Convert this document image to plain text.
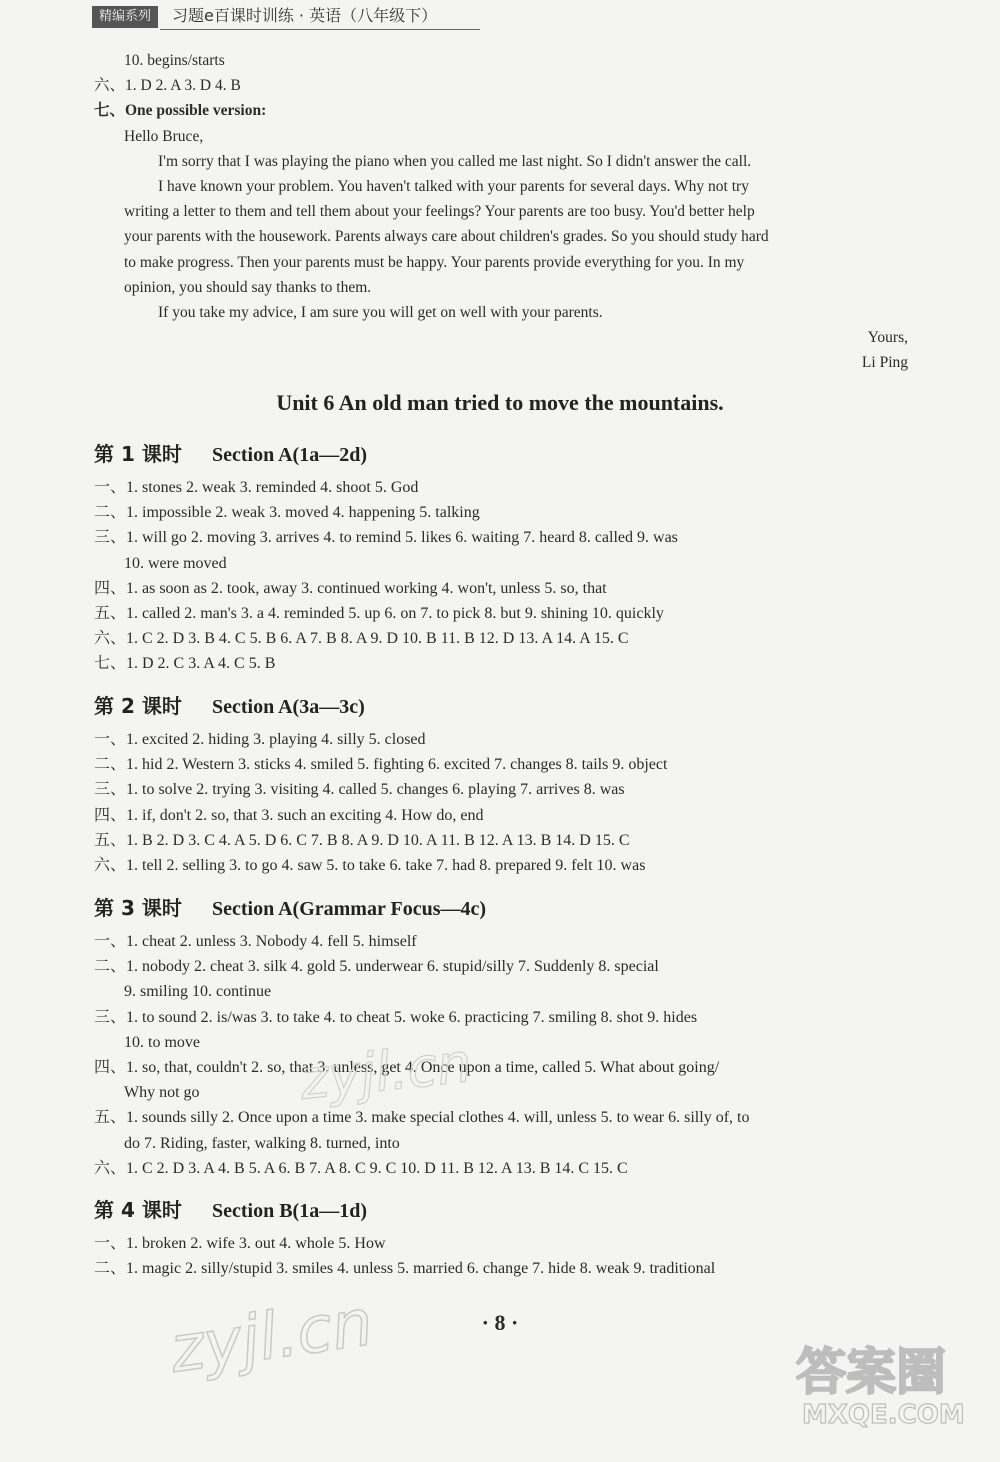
精编系列	习题e百课时训练 · 英语（八年级下）
10. begins/starts
六、1. D 2. A 3. D 4. B
七、One possible version:
Hello Bruce,
I'm sorry that I was playing the piano when you called me last night. So I didn't answer the call.
I have known your problem. You haven't talked with your parents for several days. Why not try
writing a letter to them and tell them about your feelings? Your parents are too busy. You'd better help
your parents with the housework. Parents always care about children's grades. So you should study hard
to make progress. Then your parents must be happy. Your parents provide everything for you. In my
opinion, you should say thanks to them.
If you take my advice, I am sure you will get on well with your parents.
Yours,
Li Ping
Unit 6 An old man tried to move the mountains.
第 1 课时 Section A(1a—2d)
一、1. stones 2. weak 3. reminded 4. shoot 5. God
二、1. impossible 2. weak 3. moved 4. happening 5. talking
三、1. will go 2. moving 3. arrives 4. to remind 5. likes 6. waiting 7. heard 8. called 9. was
10. were moved
四、1. as soon as 2. took, away 3. continued working 4. won't, unless 5. so, that
五、1. called 2. man's 3. a 4. reminded 5. up 6. on 7. to pick 8. but 9. shining 10. quickly
六、1. C 2. D 3. B 4. C 5. B 6. A 7. B 8. A 9. D 10. B 11. B 12. D 13. A 14. A 15. C
七、1. D 2. C 3. A 4. C 5. B
第 2 课时 Section A(3a—3c)
一、1. excited 2. hiding 3. playing 4. silly 5. closed
二、1. hid 2. Western 3. sticks 4. smiled 5. fighting 6. excited 7. changes 8. tails 9. object
三、1. to solve 2. trying 3. visiting 4. called 5. changes 6. playing 7. arrives 8. was
四、1. if, don't 2. so, that 3. such an exciting 4. How do, end
五、1. B 2. D 3. C 4. A 5. D 6. C 7. B 8. A 9. D 10. A 11. B 12. A 13. B 14. D 15. C
六、1. tell 2. selling 3. to go 4. saw 5. to take 6. take 7. had 8. prepared 9. felt 10. was
第 3 课时 Section A(Grammar Focus—4c)
一、1. cheat 2. unless 3. Nobody 4. fell 5. himself
二、1. nobody 2. cheat 3. silk 4. gold 5. underwear 6. stupid/silly 7. Suddenly 8. special
9. smiling 10. continue
三、1. to sound 2. is/was 3. to take 4. to cheat 5. woke 6. practicing 7. smiling 8. shot 9. hides
10. to move
四、1. so, that, couldn't 2. so, that 3. unless, get 4. Once upon a time, called 5. What about going/
Why not go
五、1. sounds silly 2. Once upon a time 3. make special clothes 4. will, unless 5. to wear 6. silly of, to
do 7. Riding, faster, walking 8. turned, into
六、1. C 2. D 3. A 4. B 5. A 6. B 7. A 8. C 9. C 10. D 11. B 12. A 13. B 14. C 15. C
第 4 课时 Section B(1a—1d)
一、1. broken 2. wife 3. out 4. whole 5. How
二、1. magic 2. silly/stupid 3. smiles 4. unless 5. married 6. change 7. hide 8. weak 9. traditional
zyjl.cn
· 8 ·
zyjl.cn	答案圈
MXQE.COM
